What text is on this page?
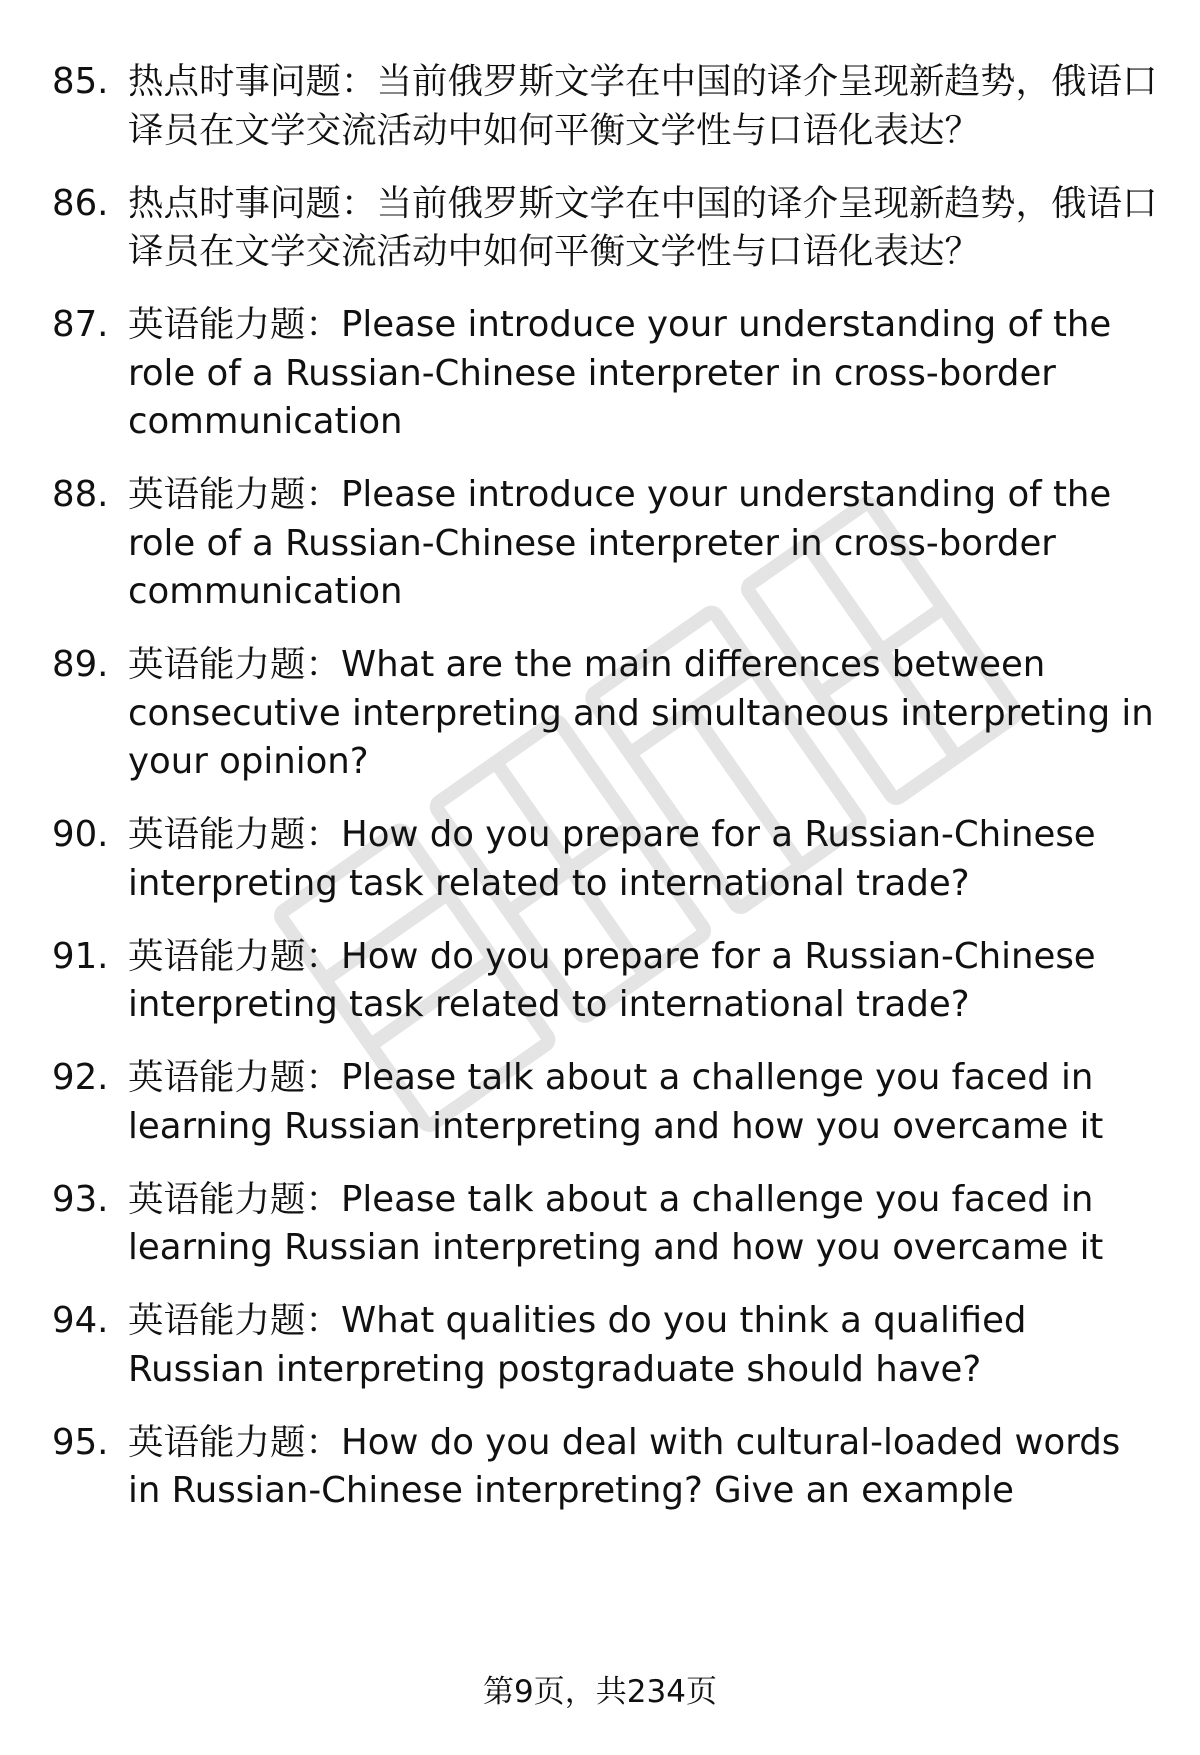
85. 热点时事问题：当前俄罗斯文学在中国的译介呈现新趋势，俄语口译员在文学交流活动中如何平衡文学性与口语化表达？
86. 热点时事问题：当前俄罗斯文学在中国的译介呈现新趋势，俄语口译员在文学交流活动中如何平衡文学性与口语化表达？
87. 英语能力题：Please introduce your understanding of the role of a Russian-Chinese interpreter in cross-border communication
88. 英语能力题：Please introduce your understanding of the role of a Russian-Chinese interpreter in cross-border communication
89. 英语能力题：What are the main differences between consecutive interpreting and simultaneous interpreting in your opinion?
90. 英语能力题：How do you prepare for a Russian-Chinese interpreting task related to international trade?
91. 英语能力题：How do you prepare for a Russian-Chinese interpreting task related to international trade?
92. 英语能力题：Please talk about a challenge you faced in learning Russian interpreting and how you overcame it
93. 英语能力题：Please talk about a challenge you faced in learning Russian interpreting and how you overcame it
94. 英语能力题：What qualities do you think a qualified Russian interpreting postgraduate should have?
95. 英语能力题：How do you deal with cultural-loaded words in Russian-Chinese interpreting? Give an example
第9页，共234页
